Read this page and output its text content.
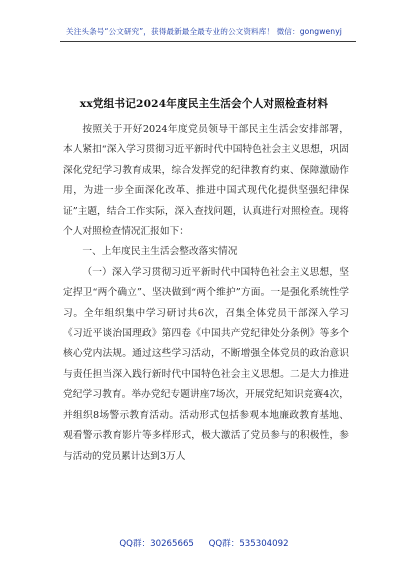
关注头条号“公文研究”，获得最新最全最专业的公文资料库！ 微信：gongwenyj
xx党组书记2024年度民主生活会个人对照检查材料

按照关于开好2024年度党员领导干部民主生活会安排部署，本人紧扣“深入学习贯彻习近平新时代中国特色社会主义思想，巩固深化党纪学习教育成果，综合发挥党的纪律教育约束、保障激励作用，为进一步全面深化改革、推进中国式现代化提供坚强纪律保证”主题，结合工作实际，深入查找问题，认真进行对照检查。现将个人对照检查情况汇报如下：

一、上年度民主生活会整改落实情况

（一）深入学习贯彻习近平新时代中国特色社会主义思想，坚定捍卫“两个确立”、坚决做到“两个维护”方面。一是强化系统性学习。全年组织集中学习研讨共6次，召集全体党员干部深入学习《习近平谈治国理政》第四卷《中国共产党纪律处分条例》等多个核心党内法规。通过这些学习活动，不断增强全体党员的政治意识与责任担当深入践行新时代中国特色社会主义思想。二是大力推进党纪学习教育。举办党纪专题讲座7场次，开展党纪知识竞赛4次，并组织8场警示教育活动。活动形式包括参观本地廉政教育基地、观看警示教育影片等多样形式，极大激活了党员参与的积极性，参与活动的党员累计达到3万人

QQ群：30265665 QQ群：535304092
